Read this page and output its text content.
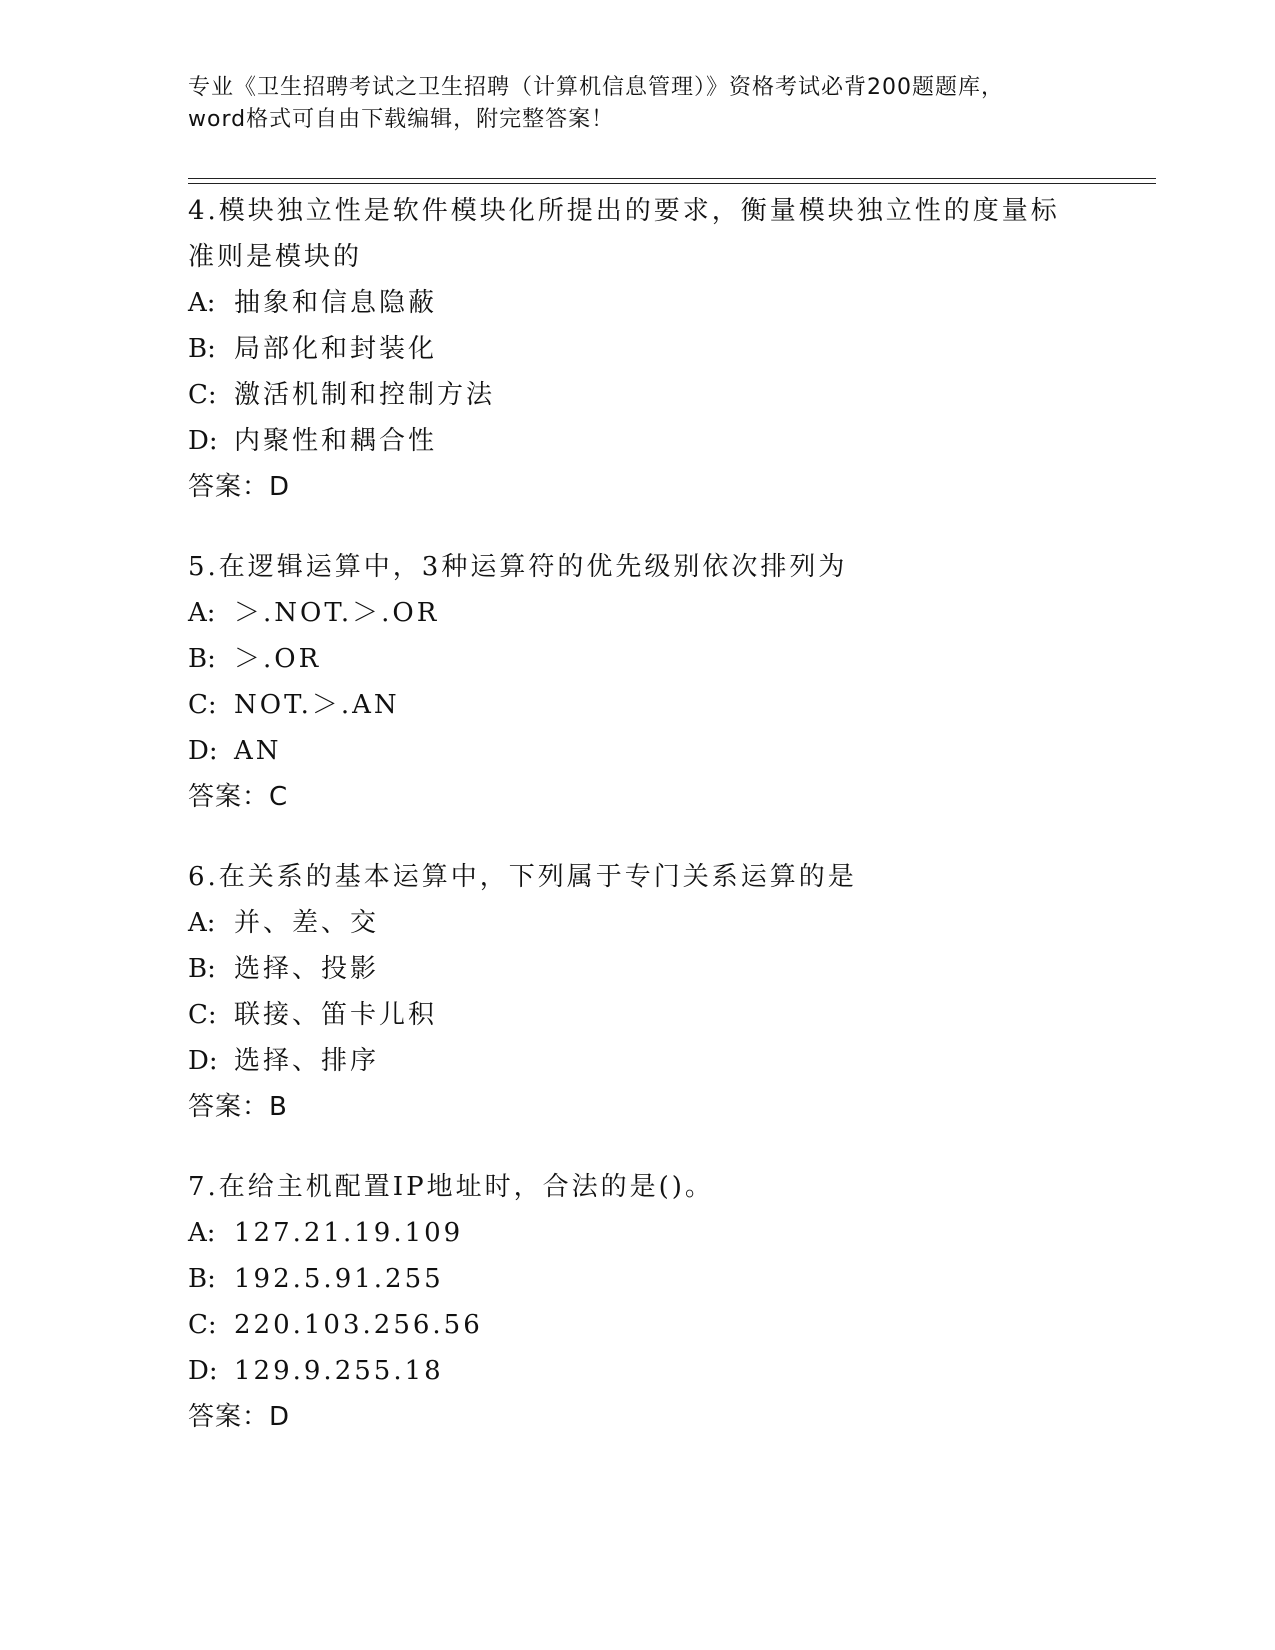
专业《卫生招聘考试之卫生招聘（计算机信息管理）》资格考试必背200题题库，
word格式可自由下载编辑，附完整答案！
4.模块独立性是软件模块化所提出的要求，衡量模块独立性的度量标
准则是模块的
A: 抽象和信息隐蔽
B: 局部化和封装化
C: 激活机制和控制方法
D: 内聚性和耦合性
答案：D
5.在逻辑运算中，3种运算符的优先级别依次排列为
A: ＞.NOT.＞.OR
B: ＞.OR
C: NOT.＞.AN
D: AN
答案：C
6.在关系的基本运算中，下列属于专门关系运算的是
A: 并、差、交
B: 选择、投影
C: 联接、笛卡儿积
D: 选择、排序
答案：B
7.在给主机配置IP地址时，合法的是()。
A: 127.21.19.109
B: 192.5.91.255
C: 220.103.256.56
D: 129.9.255.18
答案：D
